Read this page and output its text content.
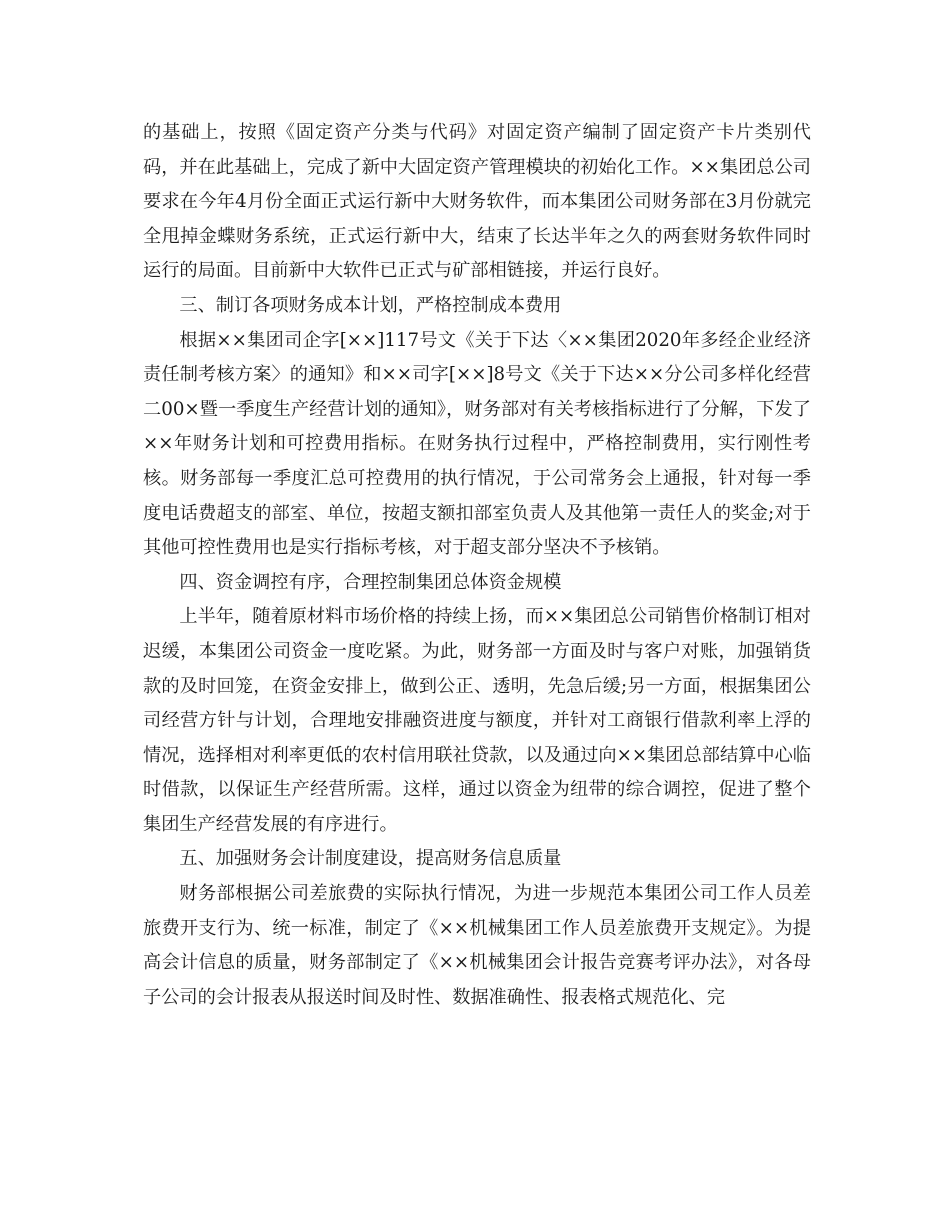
的基础上，按照《固定资产分类与代码》对固定资产编制了固定资产卡片类别代码，并在此基础上，完成了新中大固定资产管理模块的初始化工作。××集团总公司要求在今年4月份全面正式运行新中大财务软件，而本集团公司财务部在3月份就完全甩掉金蝶财务系统，正式运行新中大，结束了长达半年之久的两套财务软件同时运行的局面。目前新中大软件已正式与矿部相链接，并运行良好。

三、制订各项财务成本计划，严格控制成本费用

根据××集团司企字[××]117号文《关于下达〈××集团2020年多经企业经济责任制考核方案〉的通知》和××司字[××]8号文《关于下达××分公司多样化经营二00×暨一季度生产经营计划的通知》，财务部对有关考核指标进行了分解，下发了××年财务计划和可控费用指标。在财务执行过程中，严格控制费用，实行刚性考核。财务部每一季度汇总可控费用的执行情况，于公司常务会上通报，针对每一季度电话费超支的部室、单位，按超支额扣部室负责人及其他第一责任人的奖金;对于其他可控性费用也是实行指标考核，对于超支部分坚决不予核销。

四、资金调控有序，合理控制集团总体资金规模

上半年，随着原材料市场价格的持续上扬，而××集团总公司销售价格制订相对迟缓，本集团公司资金一度吃紧。为此，财务部一方面及时与客户对账，加强销货款的及时回笼，在资金安排上，做到公正、透明，先急后缓;另一方面，根据集团公司经营方针与计划，合理地安排融资进度与额度，并针对工商银行借款利率上浮的情况，选择相对利率更低的农村信用联社贷款，以及通过向××集团总部结算中心临时借款，以保证生产经营所需。这样，通过以资金为纽带的综合调控，促进了整个集团生产经营发展的有序进行。

五、加强财务会计制度建设，提高财务信息质量

财务部根据公司差旅费的实际执行情况，为进一步规范本集团公司工作人员差旅费开支行为、统一标准，制定了《××机械集团工作人员差旅费开支规定》。为提高会计信息的质量，财务部制定了《××机械集团会计报告竞赛考评办法》，对各母子公司的会计报表从报送时间及时性、数据准确性、报表格式规范化、完
